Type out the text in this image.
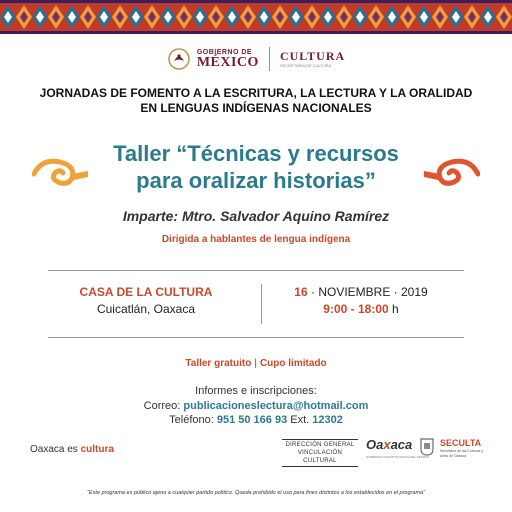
GOBIERNO DE
MÉXICO CULTURA
SECRETARÍA DE CULTURA
JORNADAS DE FOMENTO A LA ESCRITURA, LA LECTURA Y LA ORALIDAD
EN LENGUAS INDÍGENAS NACIONALES
Taller “Técnicas y recursos
para oralizar historias”
Imparte: Mtro. Salvador Aquino Ramírez
Dirigida a hablantes de lengua indígena
CASA DE LA CULTURA
Cuicatlán, Oaxaca
16 · NOVIEMBRE · 2019
9:00 - 18:00 h
Taller gratuito | Cupo limitado
Informes e inscripciones:
Correo: publicacioneslectura@hotmail.com
Teléfono: 951 50 166 93 Ext. 12302
Oaxaca es cultura	DIRECCIÓN GENERAL
VINCULACIÓN CULTURAL
Oaxaca
GOBIERNO CONSTITUCIONAL DEL ESTADO
SECULTA
Secretaría de las Culturas y Artes de Oaxaca
“Este programa es público ajeno a cualquier partido político. Queda prohibido el uso para fines distintos a los establecidos en el programa”
